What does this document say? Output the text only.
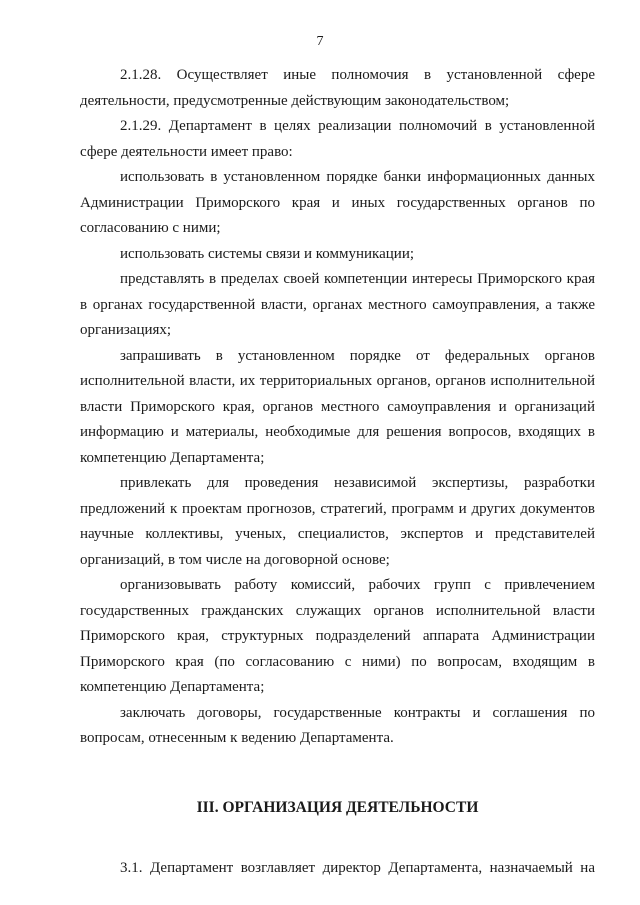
7

2.1.28. Осуществляет иные полномочия в установленной сфере деятельности, предусмотренные действующим законодательством;

2.1.29. Департамент в целях реализации полномочий в установленной сфере деятельности имеет право:

использовать в установленном порядке банки информационных данных Администрации Приморского края и иных государственных органов по согласованию с ними;

использовать системы связи и коммуникации;

представлять в пределах своей компетенции интересы Приморского края в органах государственной власти, органах местного самоуправления, а также организациях;

запрашивать в установленном порядке от федеральных органов исполнительной власти, их территориальных органов, органов исполнительной власти Приморского края, органов местного самоуправления и организаций информацию и материалы, необходимые для решения вопросов, входящих в компетенцию Департамента;

привлекать для проведения независимой экспертизы, разработки предложений к проектам прогнозов, стратегий, программ и других документов научные коллективы, ученых, специалистов, экспертов и представителей организаций, в том числе на договорной основе;

организовывать работу комиссий, рабочих групп с привлечением государственных гражданских служащих органов исполнительной власти Приморского края, структурных подразделений аппарата Администрации Приморского края (по согласованию с ними) по вопросам, входящим в компетенцию Департамента;

заключать договоры, государственные контракты и соглашения по вопросам, отнесенным к ведению Департамента.

III. ОРГАНИЗАЦИЯ ДЕЯТЕЛЬНОСТИ

3.1. Департамент возглавляет директор Департамента, назначаемый на
